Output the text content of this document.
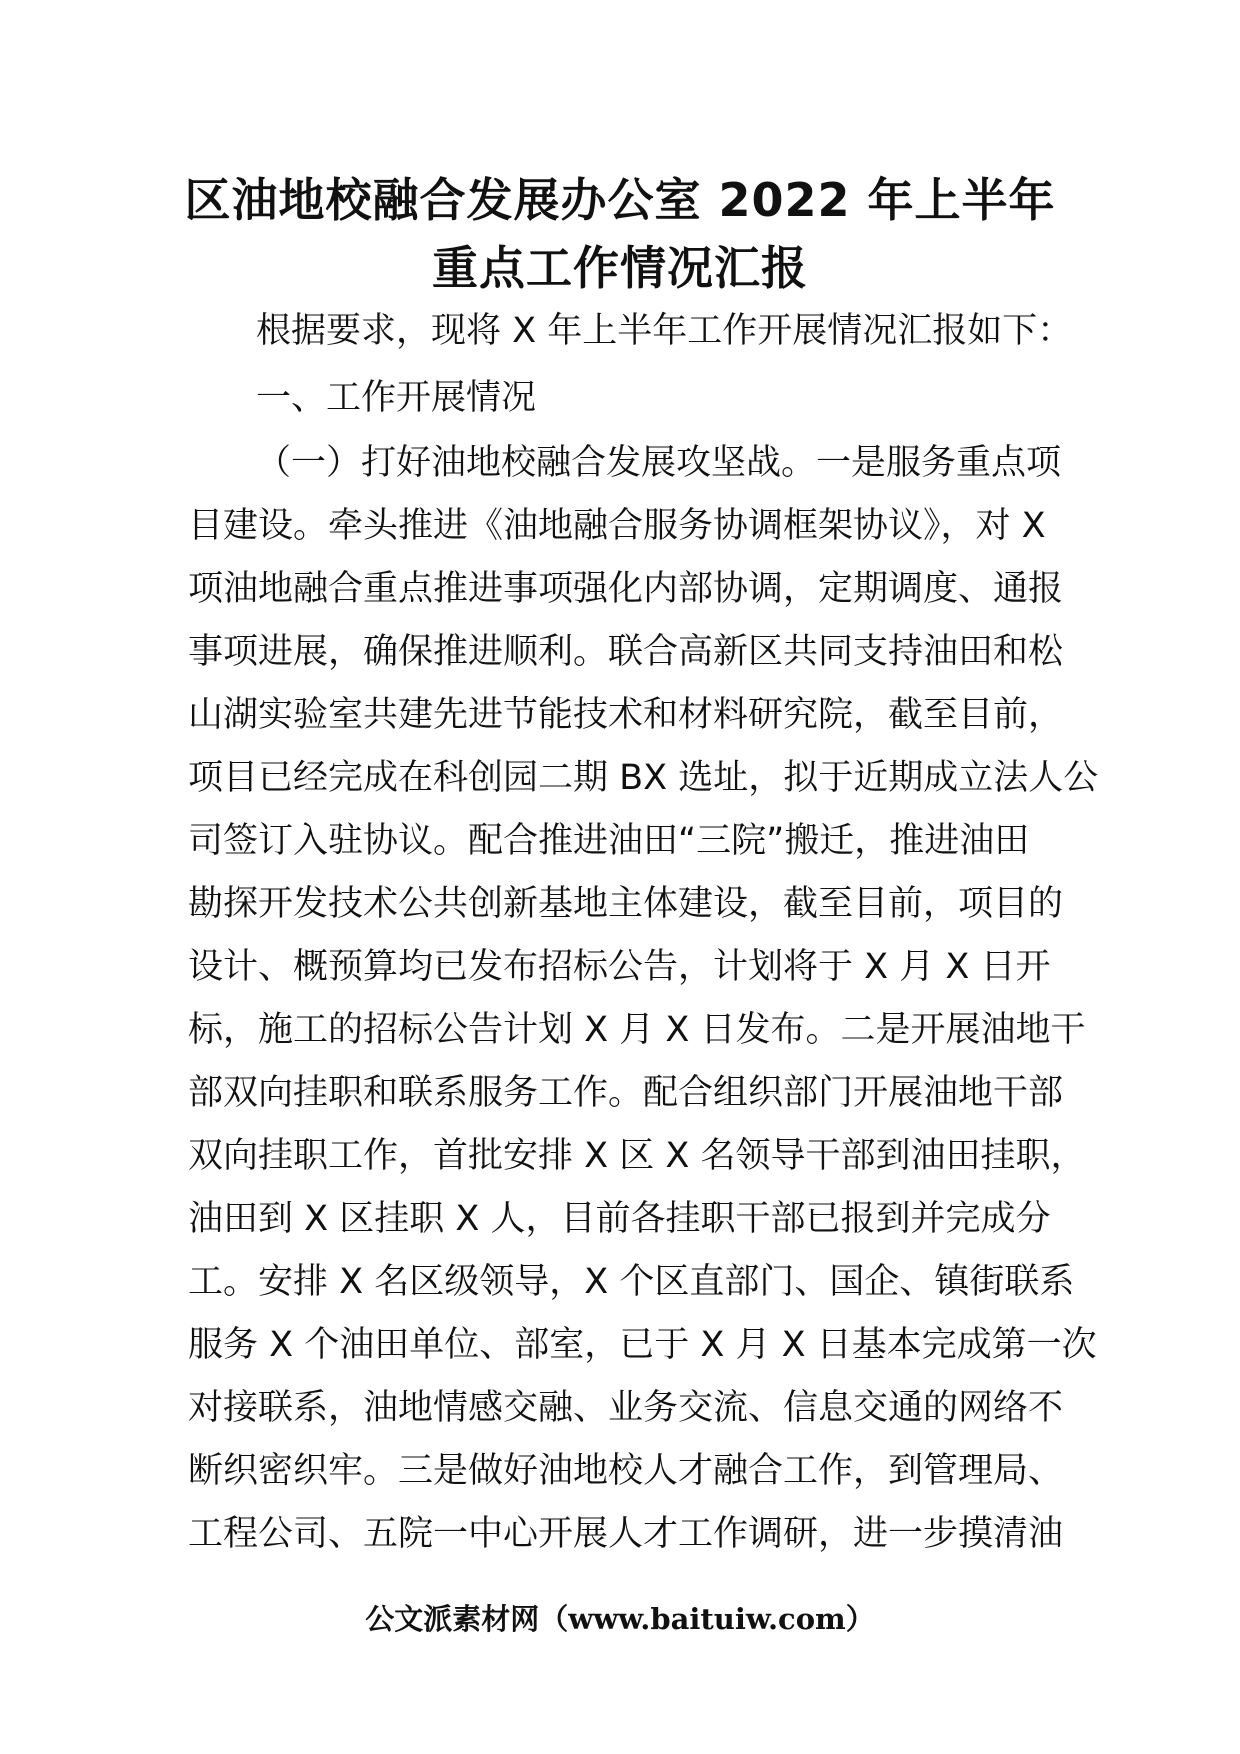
区油地校融合发展办公室 2022 年上半年
重点工作情况汇报

根据要求，现将 X 年上半年工作开展情况汇报如下：

一、工作开展情况

（一）打好油地校融合发展攻坚战。一是服务重点项

目建设。牵头推进《油地融合服务协调框架协议》，对 X

项油地融合重点推进事项强化内部协调，定期调度、通报

事项进展，确保推进顺利。联合高新区共同支持油田和松

山湖实验室共建先进节能技术和材料研究院，截至目前，

项目已经完成在科创园二期 BX 选址，拟于近期成立法人公

司签订入驻协议。配合推进油田“三院”搬迁，推进油田

勘探开发技术公共创新基地主体建设，截至目前，项目的

设计、概预算均已发布招标公告，计划将于 X 月 X 日开

标，施工的招标公告计划 X 月 X 日发布。二是开展油地干

部双向挂职和联系服务工作。配合组织部门开展油地干部

双向挂职工作，首批安排 X 区 X 名领导干部到油田挂职，

油田到 X 区挂职 X 人，目前各挂职干部已报到并完成分

工。安排 X 名区级领导，X 个区直部门、国企、镇街联系

服务 X 个油田单位、部室，已于 X 月 X 日基本完成第一次

对接联系，油地情感交融、业务交流、信息交通的网络不

断织密织牢。三是做好油地校人才融合工作，到管理局、

工程公司、五院一中心开展人才工作调研，进一步摸清油

公文派素材网（www.baituiw.com）
